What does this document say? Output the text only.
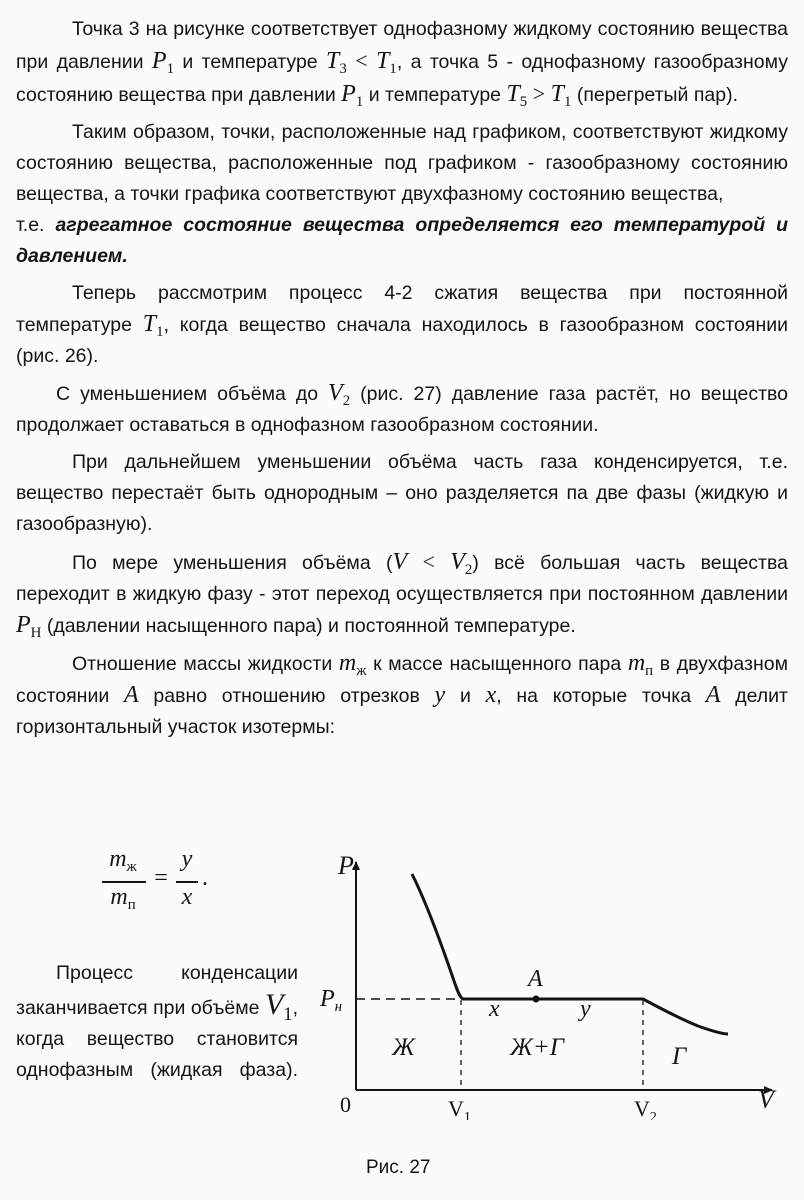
Точка 3 на рисунке соответствует однофазному жидкому состоянию вещества при давлении $P_1$ и температуре $T_3 < T_1$, а точка 5 - однофазному газообразному состоянию вещества при давлении $P_1$ и температуре $T_5 > T_1$ (перегретый пар).

Таким образом, точки, расположенные над графиком, соответствуют жидкому состоянию вещества, расположенные под графиком - газообразному состоянию вещества, а точки графика соответствуют двухфазному состоянию вещества,

т.е. агрегатное состояние вещества определяется его температурой и давлением.

Теперь рассмотрим процесс 4-2 сжатия вещества при постоянной температуре $T_1$, когда вещество сначала находилось в газообразном состоянии (рис. 26).

С уменьшением объёма до $V_2$ (рис. 27) давление газа растёт, но вещество продолжает оставаться в однофазном газообразном состоянии.

При дальнейшем уменьшении объёма часть газа конденсируется, т.е. вещество перестаёт быть однородным – оно разделяется па две фазы (жидкую и газообразную).

По мере уменьшения объёма $(V < V_2)$ всё большая часть вещества переходит в жидкую фазу - этот переход осуществляется при постоянном давлении $P_H$ (давлении насыщенного пара) и постоянной температуре.

Отношение массы жидкости $m_ж$ к массе насыщенного пара $m_п$ в двухфазном состоянии A равно отношению отрезков y и x, на которые точка A делит горизонтальный участок изотермы:

$m_ж$
$m_п$
=
y
x
.

Процесс конденсации заканчивается при объёме $V_1$, когда вещество становится однофазным (жидкая фаза).

P
V
0
$P_н$
$V_1$	$V_2$
A
x	y
Ж	Ж+Г	Г
Рис. 27
